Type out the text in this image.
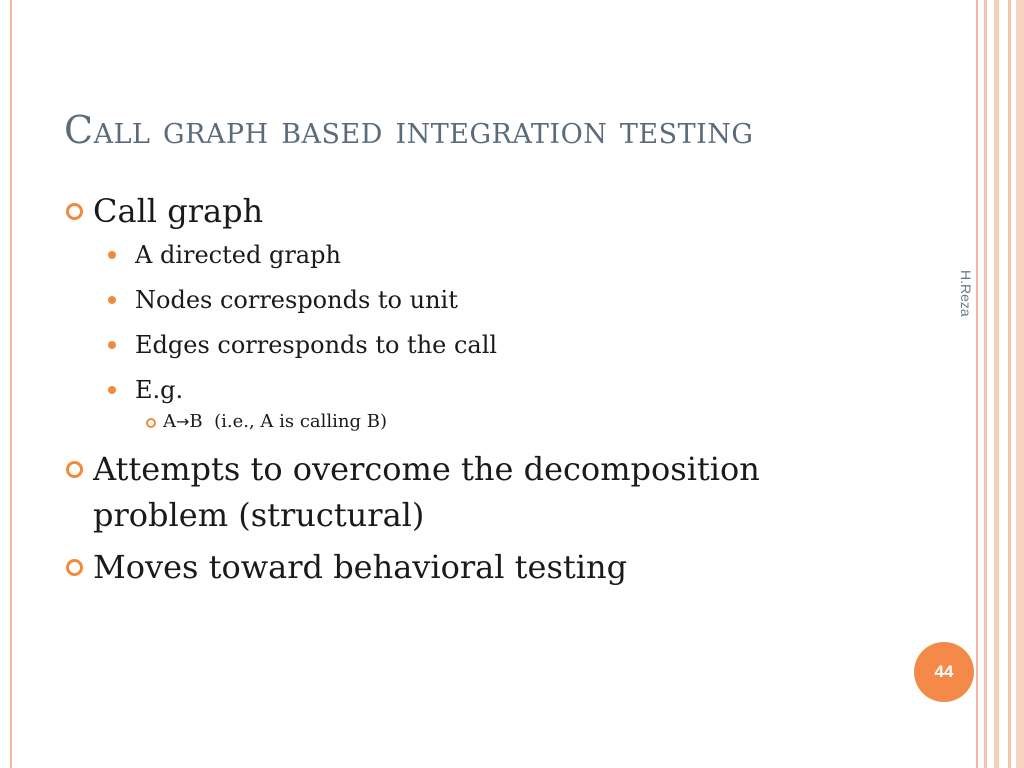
Call graph based integration testing
Call graph
A directed graph
Nodes corresponds to unit
Edges corresponds to the call
E.g.
A→B (i.e., A is calling B)
Attempts to overcome the decomposition problem (structural)
Moves toward behavioral testing
H.Reza
44
